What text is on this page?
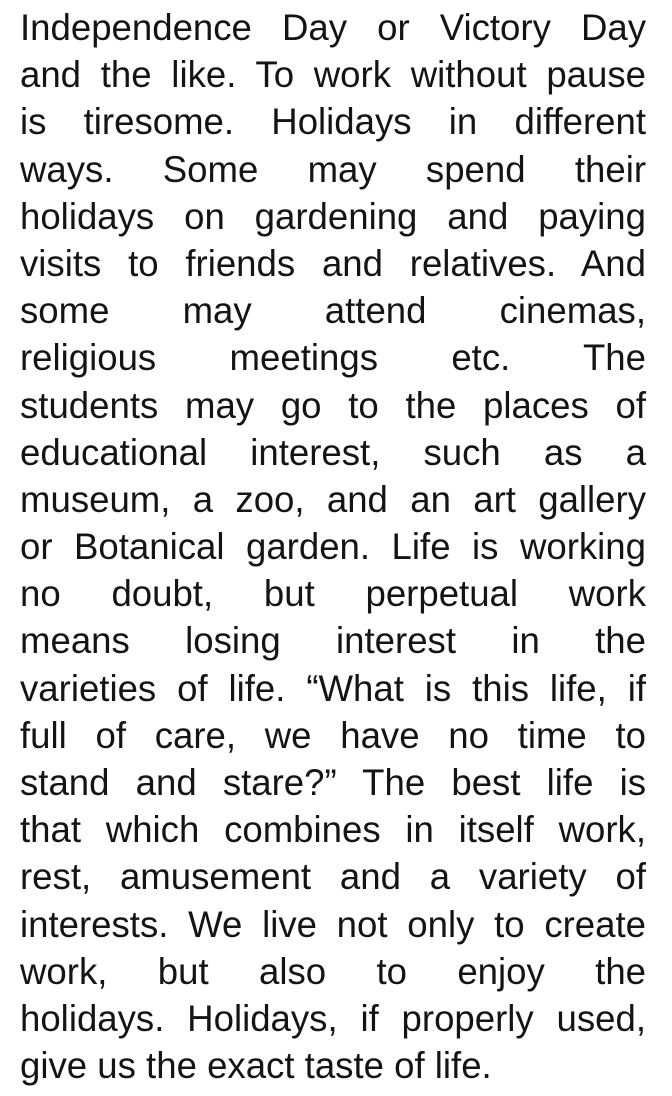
Independence Day or Victory Day
and the like. To work without pause
is tiresome. Holidays in different
ways. Some may spend their
holidays on gardening and paying
visits to friends and relatives. And
some may attend cinemas,
religious meetings etc. The
students may go to the places of
educational interest, such as a
museum, a zoo, and an art gallery
or Botanical garden. Life is working
no doubt, but perpetual work
means losing interest in the
varieties of life. “What is this life, if
full of care, we have no time to
stand and stare?” The best life is
that which combines in itself work,
rest, amusement and a variety of
interests. We live not only to create
work, but also to enjoy the
holidays. Holidays, if properly used,
give us the exact taste of life.
